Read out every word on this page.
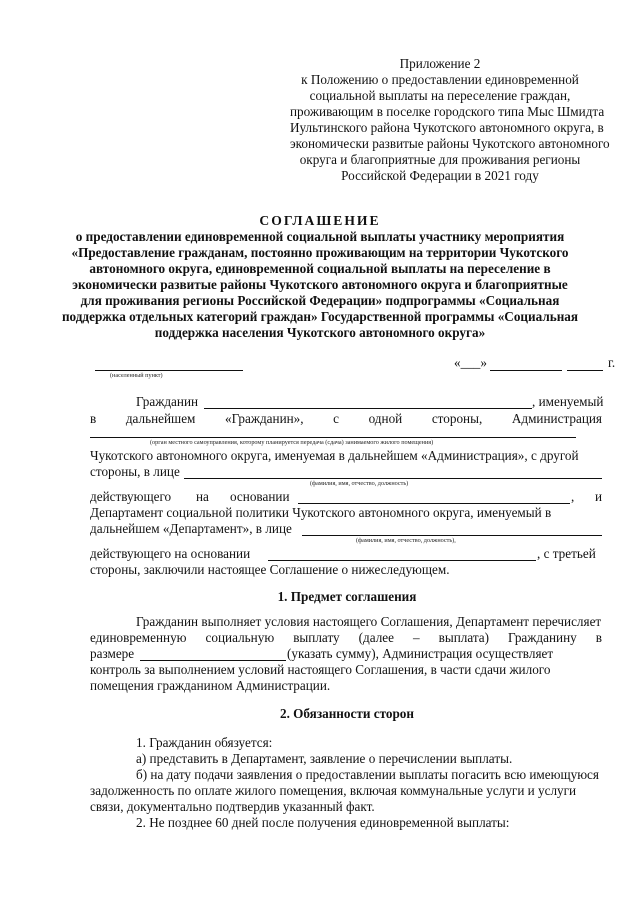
Приложение 2
к Положению о предоставлении единовременной
социальной выплаты на переселение граждан,
проживающим в поселке городского типа Мыс Шмидта
Иультинского района Чукотского автономного округа, в
экономически развитые районы Чукотского автономного
округа и благоприятные для проживания регионы
Российской Федерации в 2021 году
СОГЛАШЕНИЕ
о предоставлении единовременной социальной выплаты участнику мероприятия
«Предоставление гражданам, постоянно проживающим на территории Чукотского
автономного округа, единовременной социальной выплаты на переселение в
экономически развитые районы Чукотского автономного округа и благоприятные
для проживания регионы Российской Федерации» подпрограммы «Социальная
поддержка отдельных категорий граждан» Государственной программы «Социальная
поддержка населения Чукотского автономного округа»
(населенный пункт)
«___»	г.
Гражданин	, именуемый
в дальнейшем «Гражданин», с одной стороны, Администрация
(орган местного самоуправления, которому планируется передача (сдача) занимаемого жилого помещения)
Чукотского автономного округа, именуемая в дальнейшем «Администрация», с другой
стороны, в лице
(фамилия, имя, отчество, должность)
действующего на основании	, и
Департамент социальной политики Чукотского автономного округа, именуемый в
дальнейшем «Департамент», в лице
(фамилия, имя, отчество, должность),
действующего на основании	, с третьей
стороны, заключили настоящее Соглашение о нижеследующем.
1. Предмет соглашения
Гражданин выполняет условия настоящего Соглашения, Департамент перечисляет
единовременную социальную выплату (далее – выплата) Гражданину в
размере	(указать сумму), Администрация осуществляет
контроль за выполнением условий настоящего Соглашения, в части сдачи жилого
помещения гражданином Администрации.
2. Обязанности сторон
1. Гражданин обязуется:
а) представить в Департамент, заявление о перечислении выплаты.
б) на дату подачи заявления о предоставлении выплаты погасить всю имеющуюся
задолженность по оплате жилого помещения, включая коммунальные услуги и услуги
связи, документально подтвердив указанный факт.
2. Не позднее 60 дней после получения единовременной выплаты:
